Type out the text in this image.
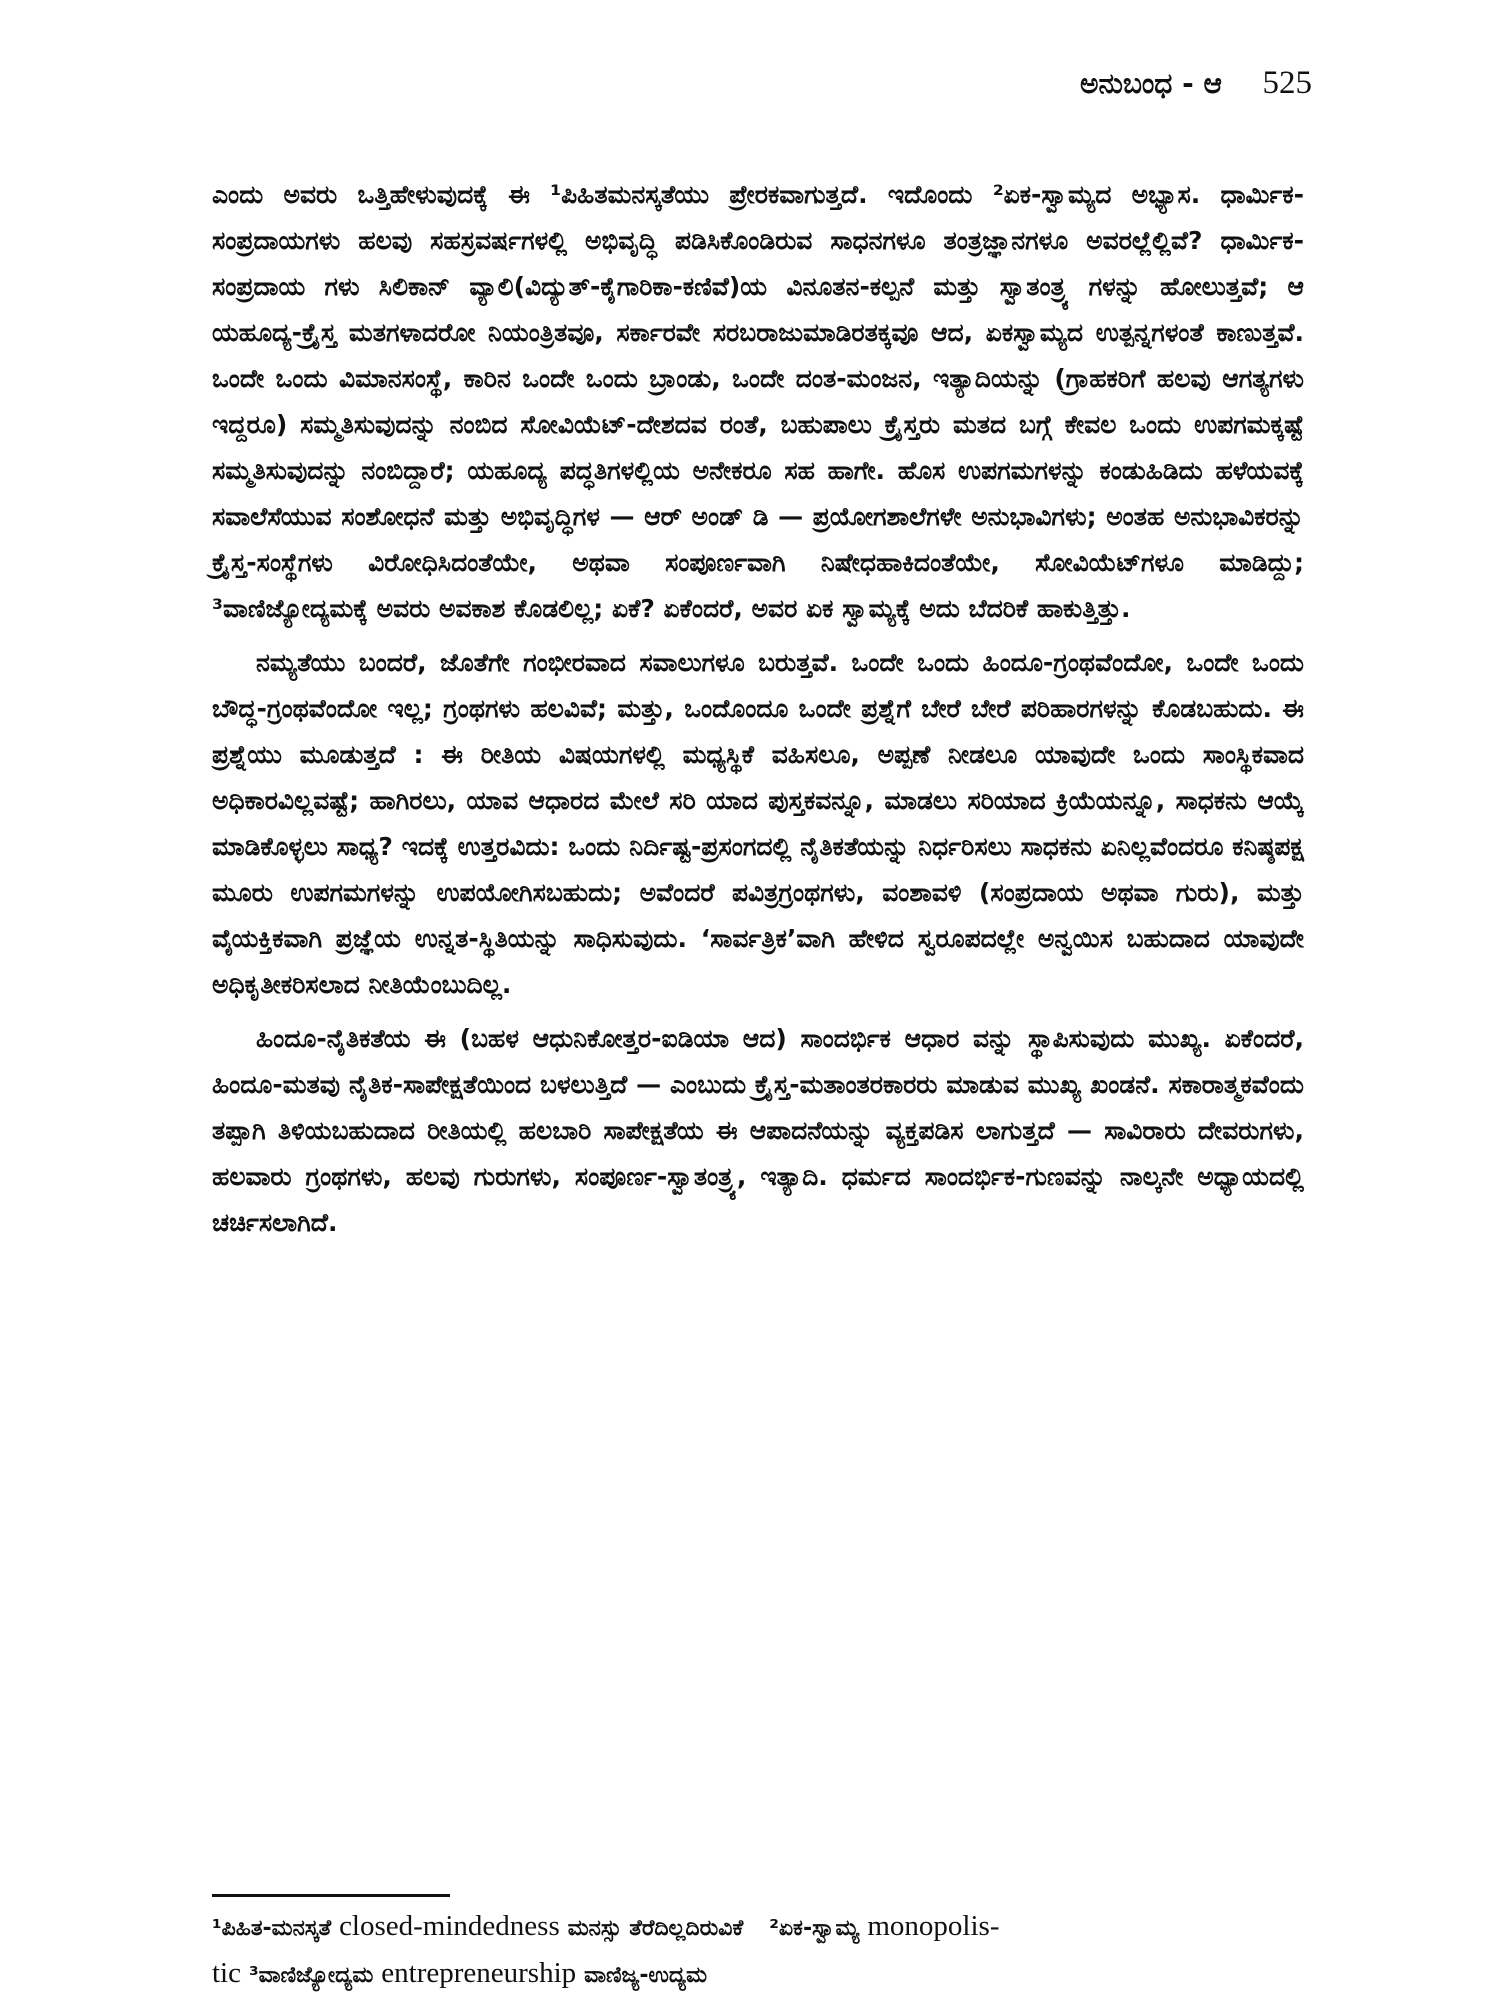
ಅನುಬಂಧ - ಆ 525

ಎಂದು ಅವರು ಒತ್ತಿಹೇಳುವುದಕ್ಕೆ ಈ ¹ಪಿಹಿತಮನಸ್ಕತೆಯು ಪ್ರೇರಕವಾಗುತ್ತದೆ. ಇದೊಂದು ²ಏಕ-ಸ್ವಾಮ್ಯದ ಅಭ್ಯಾಸ. ಧಾರ್ಮಿಕ-ಸಂಪ್ರದಾಯಗಳು ಹಲವು ಸಹಸ್ರವರ್ಷಗಳಲ್ಲಿ ಅಭಿವೃದ್ಧಿ ಪಡಿಸಿಕೊಂಡಿರುವ ಸಾಧನಗಳೂ ತಂತ್ರಜ್ಞಾನಗಳೂ ಅವರಲ್ಲೆಲ್ಲಿವೆ? ಧಾರ್ಮಿಕ-ಸಂಪ್ರದಾಯ ಗಳು ಸಿಲಿಕಾನ್ ವ್ಯಾಲಿ(ವಿದ್ಯುತ್-ಕೈಗಾರಿಕಾ-ಕಣಿವೆ)ಯ ವಿನೂತನ-ಕಲ್ಪನೆ ಮತ್ತು ಸ್ವಾತಂತ್ರ್ಯ ಗಳನ್ನು ಹೋಲುತ್ತವೆ; ಆ ಯಹೂದ್ಯ-ಕ್ರೈಸ್ತ ಮತಗಳಾದರೋ ನಿಯಂತ್ರಿತವೂ, ಸರ್ಕಾರವೇ ಸರಬರಾಜುಮಾಡಿರತಕ್ಕವೂ ಆದ, ಏಕಸ್ವಾಮ್ಯದ ಉತ್ಪನ್ನಗಳಂತೆ ಕಾಣುತ್ತವೆ. ಒಂದೇ ಒಂದು ವಿಮಾನಸಂಸ್ಥೆ, ಕಾರಿನ ಒಂದೇ ಒಂದು ಬ್ರಾಂಡು, ಒಂದೇ ದಂತ-ಮಂಜನ, ಇತ್ಯಾದಿಯನ್ನು (ಗ್ರಾಹಕರಿಗೆ ಹಲವು ಆಗತ್ಯಗಳು ಇದ್ದರೂ) ಸಮ್ಮತಿಸುವುದನ್ನು ನಂಬಿದ ಸೋವಿಯೆಟ್-ದೇಶದವ ರಂತೆ, ಬಹುಪಾಲು ಕ್ರೈಸ್ತರು ಮತದ ಬಗ್ಗೆ ಕೇವಲ ಒಂದು ಉಪಗಮಕ್ಕಷ್ಟೆ ಸಮ್ಮತಿಸುವುದನ್ನು ನಂಬಿದ್ದಾರೆ; ಯಹೂದ್ಯ ಪದ್ಧತಿಗಳಲ್ಲಿಯ ಅನೇಕರೂ ಸಹ ಹಾಗೇ. ಹೊಸ ಉಪಗಮಗಳನ್ನು ಕಂಡುಹಿಡಿದು ಹಳೆಯವಕ್ಕೆ ಸವಾಲೆಸೆಯುವ ಸಂಶೋಧನೆ ಮತ್ತು ಅಭಿವೃದ್ಧಿಗಳ — ಆರ್ ಅಂಡ್ ಡಿ — ಪ್ರಯೋಗಶಾಲೆಗಳೇ ಅನುಭಾವಿಗಳು; ಅಂತಹ ಅನುಭಾವಿಕರನ್ನು ಕ್ರೈಸ್ತ-ಸಂಸ್ಥೆಗಳು ವಿರೋಧಿಸಿದಂತೆಯೇ, ಅಥವಾ ಸಂಪೂರ್ಣವಾಗಿ ನಿಷೇಧಹಾಕಿದಂತೆಯೇ, ಸೋವಿಯೆಟ್‌ಗಳೂ ಮಾಡಿದ್ದು; ³ವಾಣಿಜ್ಯೋದ್ಯಮಕ್ಕೆ ಅವರು ಅವಕಾಶ ಕೊಡಲಿಲ್ಲ; ಏಕೆ? ಏಕೆಂದರೆ, ಅವರ ಏಕ ಸ್ವಾಮ್ಯಕ್ಕೆ ಅದು ಬೆದರಿಕೆ ಹಾಕುತ್ತಿತ್ತು.

ನಮ್ಯತೆಯು ಬಂದರೆ, ಜೊತೆಗೇ ಗಂಭೀರವಾದ ಸವಾಲುಗಳೂ ಬರುತ್ತವೆ. ಒಂದೇ ಒಂದು ಹಿಂದೂ-ಗ್ರಂಥವೆಂದೋ, ಒಂದೇ ಒಂದು ಬೌದ್ಧ-ಗ್ರಂಥವೆಂದೋ ಇಲ್ಲ; ಗ್ರಂಥಗಳು ಹಲವಿವೆ; ಮತ್ತು, ಒಂದೊಂದೂ ಒಂದೇ ಪ್ರಶ್ನೆಗೆ ಬೇರೆ ಬೇರೆ ಪರಿಹಾರಗಳನ್ನು ಕೊಡಬಹುದು. ಈ ಪ್ರಶ್ನೆಯು ಮೂಡುತ್ತದೆ : ಈ ರೀತಿಯ ವಿಷಯಗಳಲ್ಲಿ ಮಧ್ಯಸ್ಥಿಕೆ ವಹಿಸಲೂ, ಅಪ್ಪಣೆ ನೀಡಲೂ ಯಾವುದೇ ಒಂದು ಸಾಂಸ್ಥಿಕವಾದ ಅಧಿಕಾರವಿಲ್ಲವಷ್ಟೆ; ಹಾಗಿರಲು, ಯಾವ ಆಧಾರದ ಮೇಲೆ ಸರಿ ಯಾದ ಪುಸ್ತಕವನ್ನೂ, ಮಾಡಲು ಸರಿಯಾದ ಕ್ರಿಯೆಯನ್ನೂ, ಸಾಧಕನು ಆಯ್ಕೆ ಮಾಡಿಕೊಳ್ಳಲು ಸಾಧ್ಯ? ಇದಕ್ಕೆ ಉತ್ತರವಿದು: ಒಂದು ನಿರ್ದಿಷ್ಟ-ಪ್ರಸಂಗದಲ್ಲಿ ನೈತಿಕತೆಯನ್ನು ನಿರ್ಧರಿಸಲು ಸಾಧಕನು ಏನಿಲ್ಲವೆಂದರೂ ಕನಿಷ್ಠಪಕ್ಷ ಮೂರು ಉಪಗಮಗಳನ್ನು ಉಪಯೋಗಿಸಬಹುದು; ಅವೆಂದರೆ ಪವಿತ್ರಗ್ರಂಥಗಳು, ವಂಶಾವಳಿ (ಸಂಪ್ರದಾಯ ಅಥವಾ ಗುರು), ಮತ್ತು ವೈಯಕ್ತಿಕವಾಗಿ ಪ್ರಜ್ಞೆಯ ಉನ್ನತ-ಸ್ಥಿತಿಯನ್ನು ಸಾಧಿಸುವುದು. ‘ಸಾರ್ವತ್ರಿಕ’ವಾಗಿ ಹೇಳಿದ ಸ್ವರೂಪದಲ್ಲೇ ಅನ್ವಯಿಸ ಬಹುದಾದ ಯಾವುದೇ ಅಧಿಕೃತೀಕರಿಸಲಾದ ನೀತಿಯೆಂಬುದಿಲ್ಲ.

ಹಿಂದೂ-ನೈತಿಕತೆಯ ಈ (ಬಹಳ ಆಧುನಿಕೋತ್ತರ-ಐಡಿಯಾ ಆದ) ಸಾಂದರ್ಭಿಕ ಆಧಾರ ವನ್ನು ಸ್ಥಾಪಿಸುವುದು ಮುಖ್ಯ. ಏಕೆಂದರೆ, ಹಿಂದೂ-ಮತವು ನೈತಿಕ-ಸಾಪೇಕ್ಷತೆಯಿಂದ ಬಳಲುತ್ತಿದೆ — ಎಂಬುದು ಕ್ರೈಸ್ತ-ಮತಾಂತರಕಾರರು ಮಾಡುವ ಮುಖ್ಯ ಖಂಡನೆ. ಸಕಾರಾತ್ಮಕವೆಂದು ತಪ್ಪಾಗಿ ತಿಳಿಯಬಹುದಾದ ರೀತಿಯಲ್ಲಿ ಹಲಬಾರಿ ಸಾಪೇಕ್ಷತೆಯ ಈ ಆಪಾದನೆಯನ್ನು ವ್ಯಕ್ತಪಡಿಸ ಲಾಗುತ್ತದೆ — ಸಾವಿರಾರು ದೇವರುಗಳು, ಹಲವಾರು ಗ್ರಂಥಗಳು, ಹಲವು ಗುರುಗಳು, ಸಂಪೂರ್ಣ-ಸ್ವಾತಂತ್ರ್ಯ, ಇತ್ಯಾದಿ. ಧರ್ಮದ ಸಾಂದರ್ಭಿಕ-ಗುಣವನ್ನು ನಾಲ್ಕನೇ ಅಧ್ಯಾಯದಲ್ಲಿ ಚರ್ಚಿಸಲಾಗಿದೆ.

¹ಪಿಹಿತ-ಮನಸ್ಕತೆ closed-mindedness ಮನಸ್ಸು ತೆರೆದಿಲ್ಲದಿರುವಿಕೆ ²ಏಕ-ಸ್ವಾಮ್ಯ monopolis-
tic ³ವಾಣಿಜ್ಯೋದ್ಯಮ entrepreneurship ವಾಣಿಜ್ಯ-ಉದ್ಯಮ
